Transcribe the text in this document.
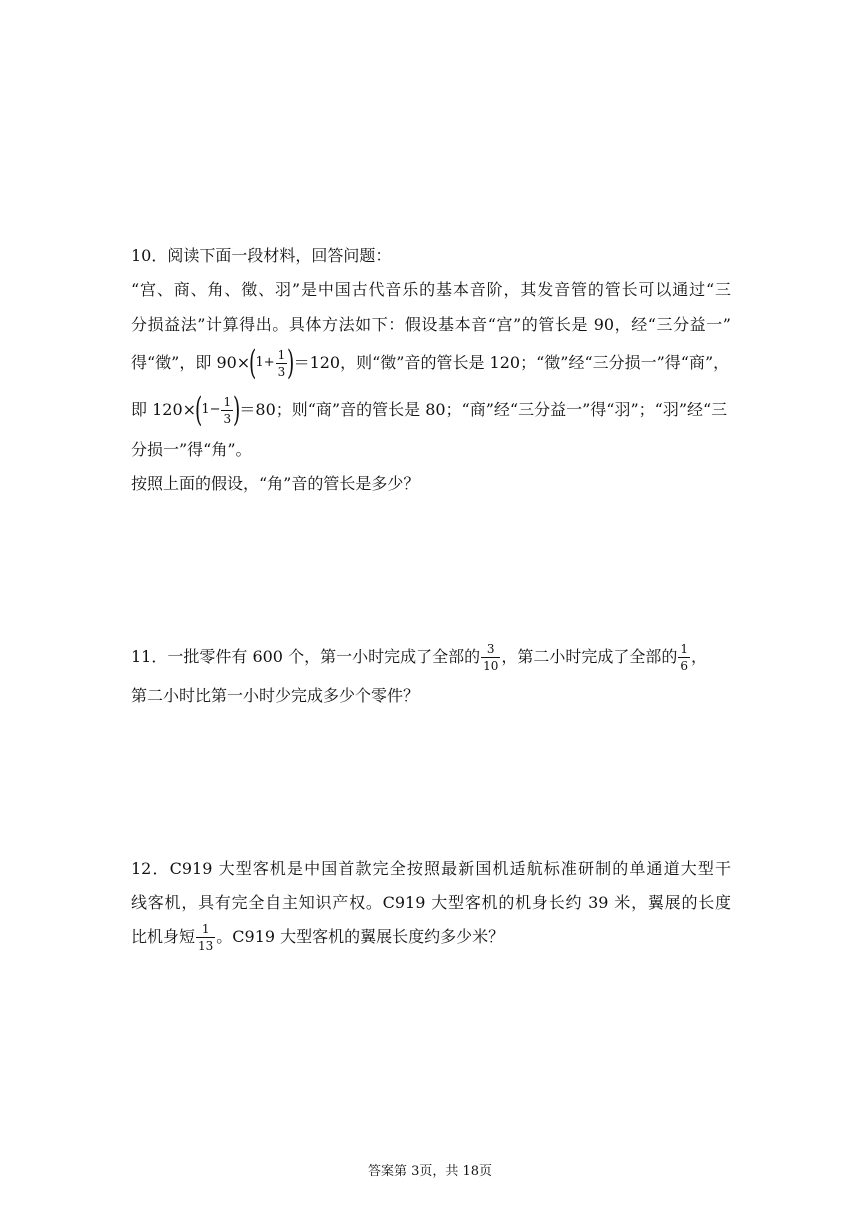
10．阅读下面一段材料，回答问题：
“宫、商、角、徵、羽”是中国古代音乐的基本音阶，其发音管的管长可以通过“三
分损益法”计算得出。具体方法如下：假设基本音“宫”的管长是 90，经“三分益一”
得“徵”，即 90×
(
$1+ \frac{1}{3}$ )
＝120，则“徵”音的管长是 120；“徵”经“三分损一”得“商”，
即 120×
(
$1- \frac{1}{3}$ )
＝80；则“商”音的管长是 80；“商”经“三分益一”得“羽”；“羽”经“三
分损一”得“角”。
按照上面的假设，“角”音的管长是多少？
11．一批零件有 600 个，第一小时完成了全部的 $\frac{3}{10}$ ，第二小时完成了全部的 $\frac{1}{6}$ ，
第二小时比第一小时少完成多少个零件？
12．C919 大型客机是中国首款完全按照最新国机适航标准研制的单通道大型干
线客机，具有完全自主知识产权。C919 大型客机的机身长约 39 米，翼展的长度
比机身短 $\frac{1}{13}$ 。C919 大型客机的翼展长度约多少米？
答案第 3页，共 18页
